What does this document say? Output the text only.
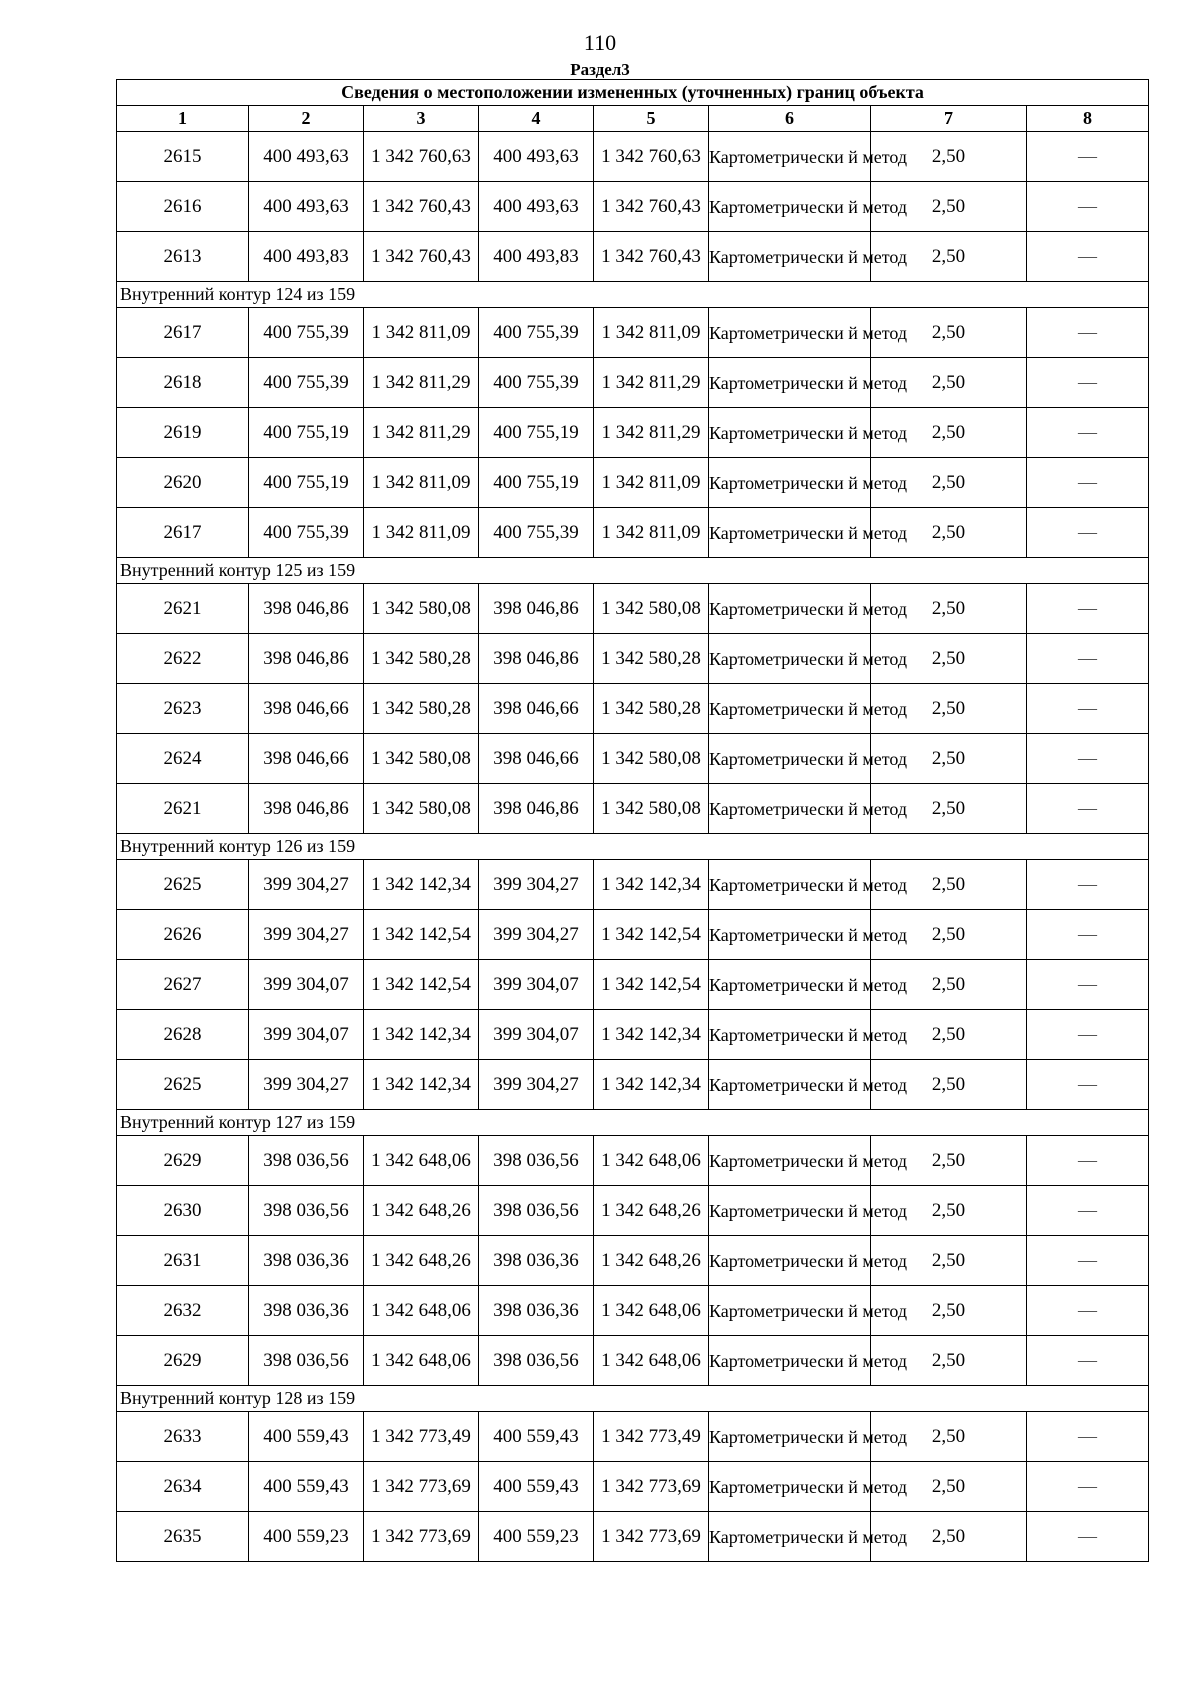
110
Раздел3
Сведения о местоположении измененных (уточненных) границ объекта							
1	2	3	4	5	6	7	8
2615	400 493,63	1 342 760,63	400 493,63	1 342 760,63	Картометрически й метод	2,50	—
2616	400 493,63	1 342 760,43	400 493,63	1 342 760,43	Картометрически й метод	2,50	—
2613	400 493,83	1 342 760,43	400 493,83	1 342 760,43	Картометрически й метод	2,50	—
Внутренний контур 124 из 159							
2617	400 755,39	1 342 811,09	400 755,39	1 342 811,09	Картометрически й метод	2,50	—
2618	400 755,39	1 342 811,29	400 755,39	1 342 811,29	Картометрически й метод	2,50	—
2619	400 755,19	1 342 811,29	400 755,19	1 342 811,29	Картометрически й метод	2,50	—
2620	400 755,19	1 342 811,09	400 755,19	1 342 811,09	Картометрически й метод	2,50	—
2617	400 755,39	1 342 811,09	400 755,39	1 342 811,09	Картометрически й метод	2,50	—
Внутренний контур 125 из 159							
2621	398 046,86	1 342 580,08	398 046,86	1 342 580,08	Картометрически й метод	2,50	—
2622	398 046,86	1 342 580,28	398 046,86	1 342 580,28	Картометрически й метод	2,50	—
2623	398 046,66	1 342 580,28	398 046,66	1 342 580,28	Картометрически й метод	2,50	—
2624	398 046,66	1 342 580,08	398 046,66	1 342 580,08	Картометрически й метод	2,50	—
2621	398 046,86	1 342 580,08	398 046,86	1 342 580,08	Картометрически й метод	2,50	—
Внутренний контур 126 из 159							
2625	399 304,27	1 342 142,34	399 304,27	1 342 142,34	Картометрически й метод	2,50	—
2626	399 304,27	1 342 142,54	399 304,27	1 342 142,54	Картометрически й метод	2,50	—
2627	399 304,07	1 342 142,54	399 304,07	1 342 142,54	Картометрически й метод	2,50	—
2628	399 304,07	1 342 142,34	399 304,07	1 342 142,34	Картометрически й метод	2,50	—
2625	399 304,27	1 342 142,34	399 304,27	1 342 142,34	Картометрически й метод	2,50	—
Внутренний контур 127 из 159							
2629	398 036,56	1 342 648,06	398 036,56	1 342 648,06	Картометрически й метод	2,50	—
2630	398 036,56	1 342 648,26	398 036,56	1 342 648,26	Картометрически й метод	2,50	—
2631	398 036,36	1 342 648,26	398 036,36	1 342 648,26	Картометрически й метод	2,50	—
2632	398 036,36	1 342 648,06	398 036,36	1 342 648,06	Картометрически й метод	2,50	—
2629	398 036,56	1 342 648,06	398 036,56	1 342 648,06	Картометрически й метод	2,50	—
Внутренний контур 128 из 159							
2633	400 559,43	1 342 773,49	400 559,43	1 342 773,49	Картометрически й метод	2,50	—
2634	400 559,43	1 342 773,69	400 559,43	1 342 773,69	Картометрически й метод	2,50	—
2635	400 559,23	1 342 773,69	400 559,23	1 342 773,69	Картометрически й метод	2,50	—
